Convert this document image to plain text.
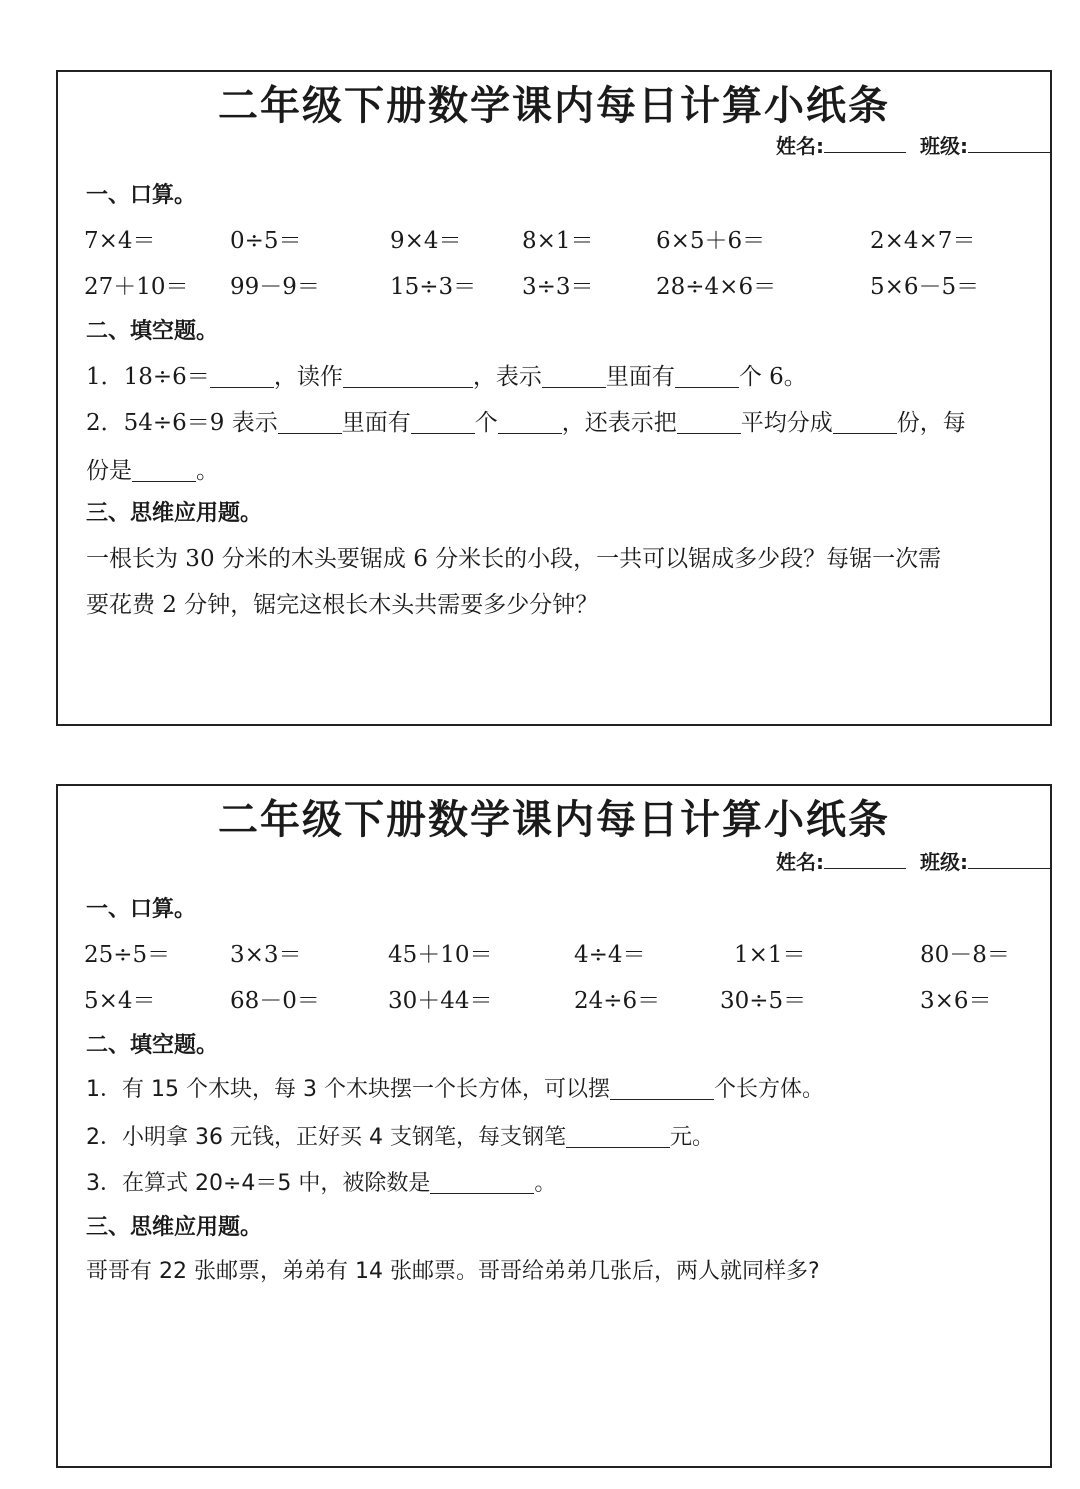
二年级下册数学课内每日计算小纸条
姓名:	班级:
一、口算。
7×4＝	0÷5＝	9×4＝	8×1＝	6×5＋6＝	2×4×7＝
27＋10＝ 99－9＝	15÷3＝ 3÷3＝	28÷4×6＝	5×6－5＝
二、填空题。
1．18÷6＝	，读作	，表示	里面有	个 6。
2．54÷6＝9 表示	里面有	个	，还表示把	平均分成	份，每
份是	。
三、思维应用题。
一根长为 30 分米的木头要锯成 6 分米长的小段，一共可以锯成多少段？每锯一次需
要花费 2 分钟，锯完这根长木头共需要多少分钟？
二年级下册数学课内每日计算小纸条
姓名:	班级:
一、口算。
25÷5＝	3×3＝	45＋10＝	4÷4＝	1×1＝	80－8＝
5×4＝	68－0＝	30＋44＝	24÷6＝	30÷5＝	3×6＝
二、填空题。
1．有 15 个木块，每 3 个木块摆一个长方体，可以摆	个长方体。
2．小明拿 36 元钱，正好买 4 支钢笔，每支钢笔	元。
3．在算式 20÷4＝5 中，被除数是	。
三、思维应用题。
哥哥有 22 张邮票，弟弟有 14 张邮票。哥哥给弟弟几张后，两人就同样多?
